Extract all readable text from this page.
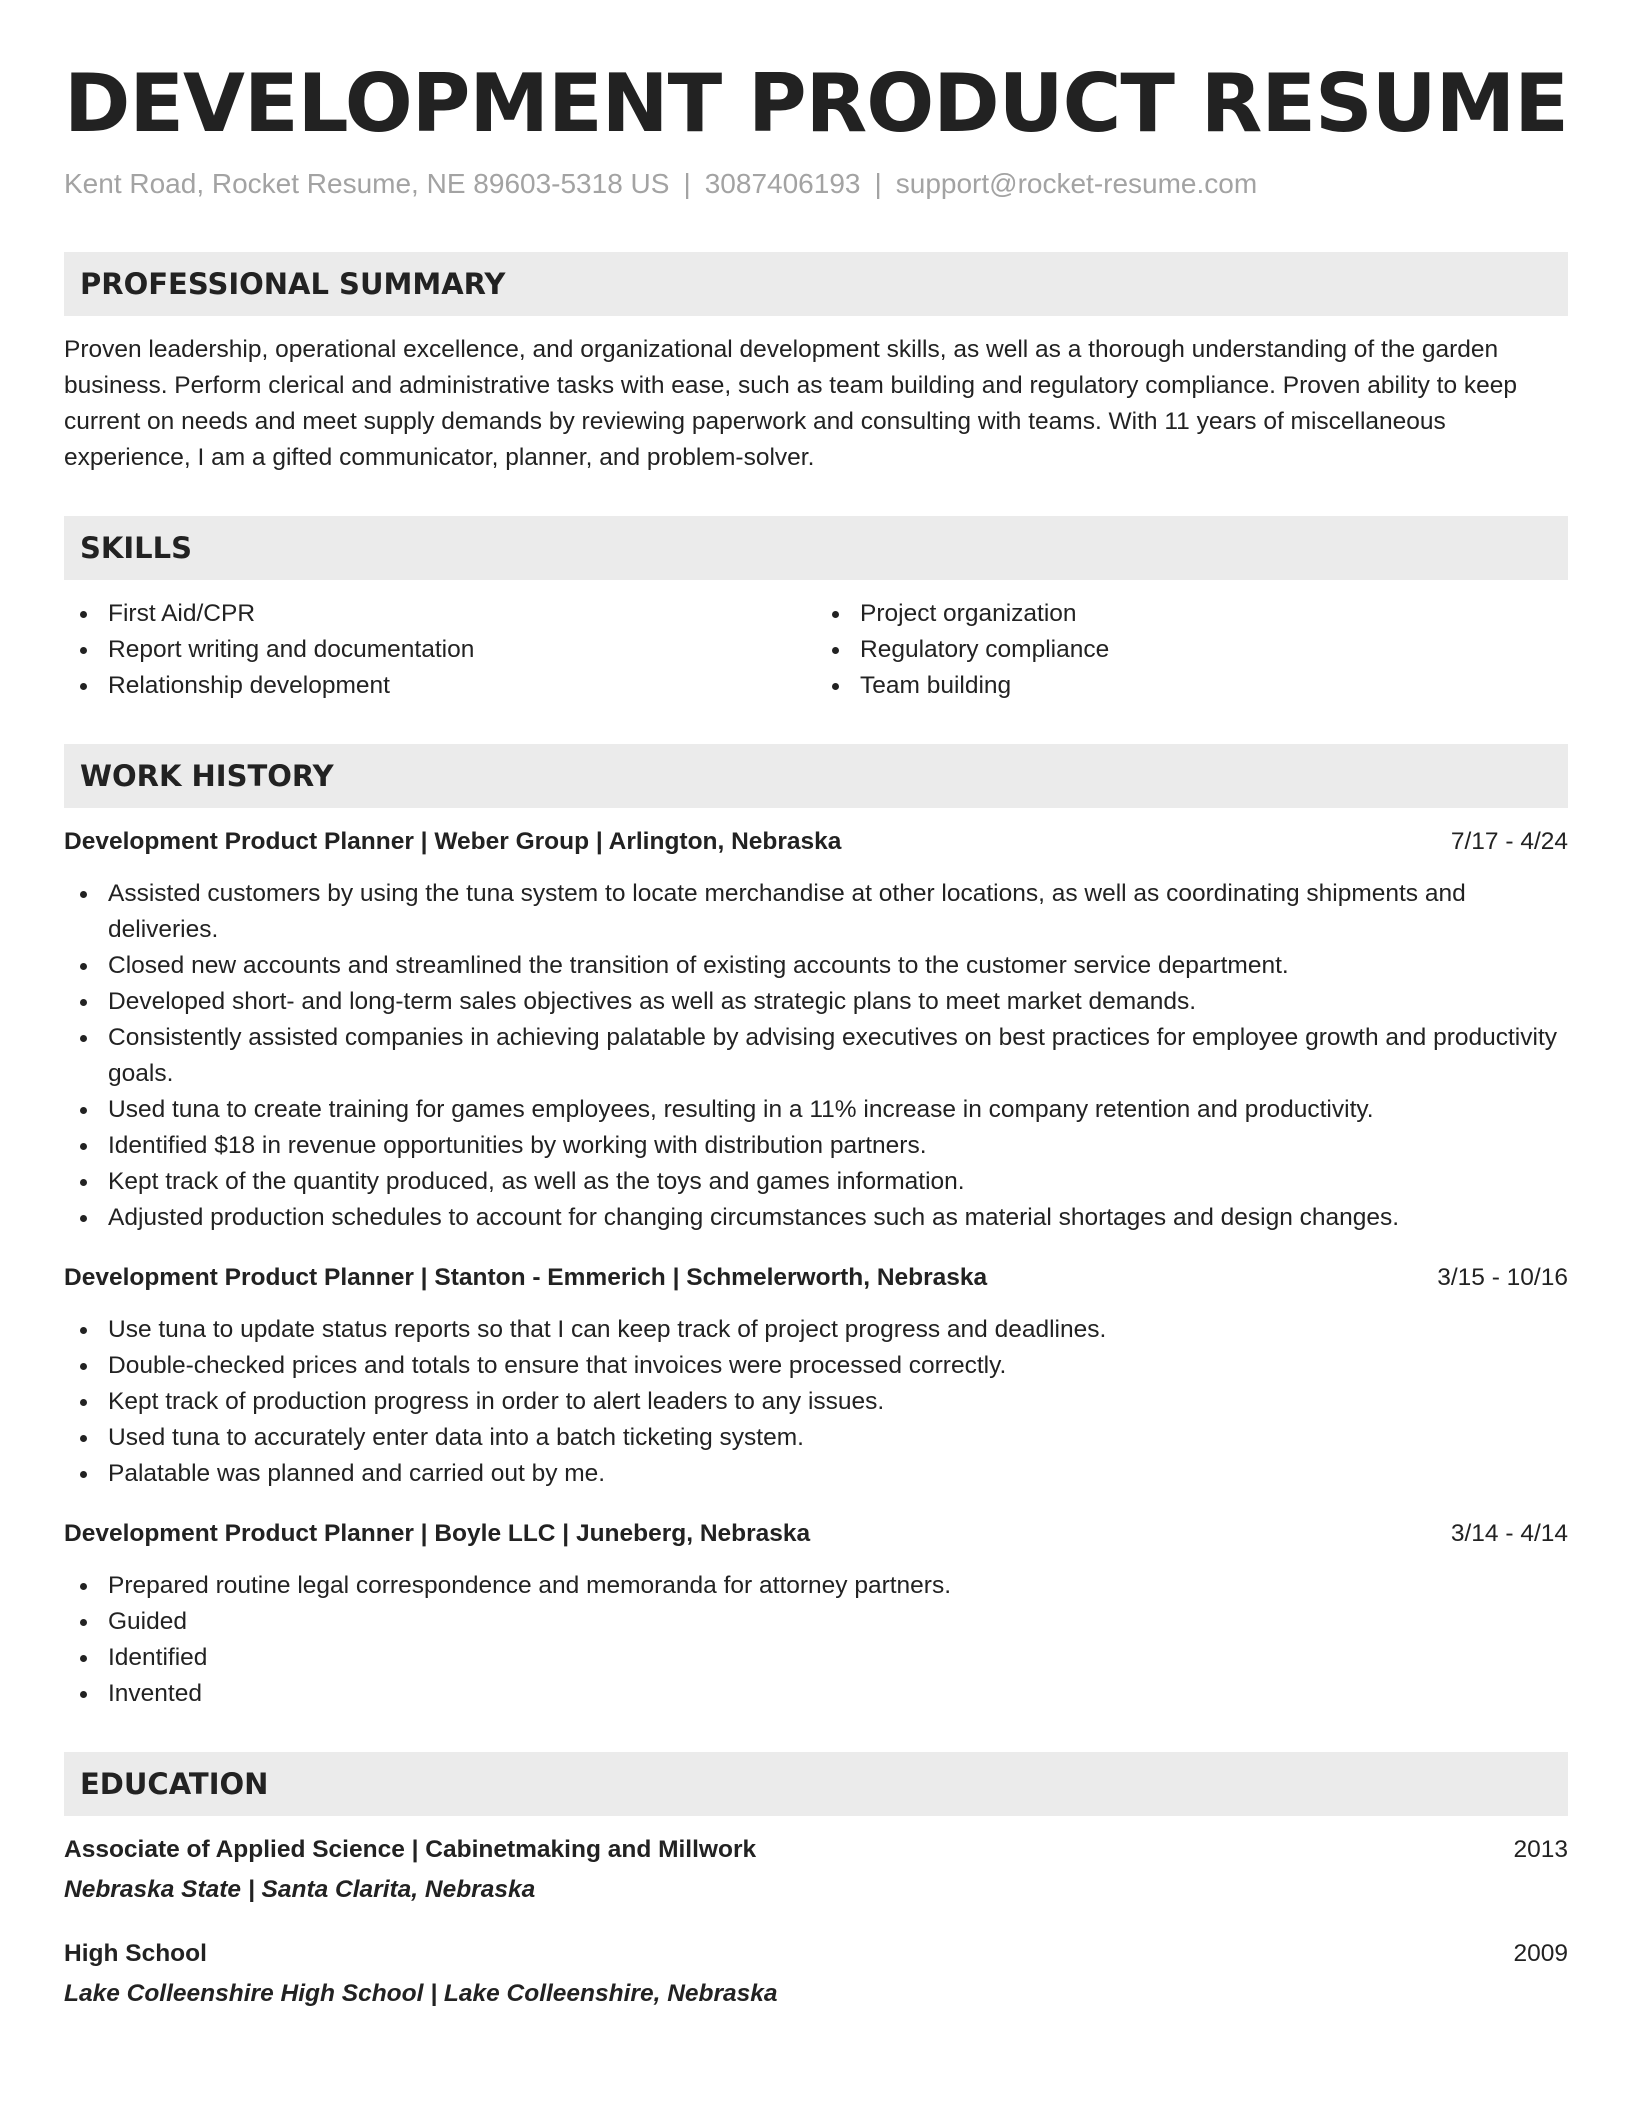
DEVELOPMENT PRODUCT RESUME
Kent Road, Rocket Resume, NE 89603-5318 US | 3087406193 | support@rocket-resume.com
PROFESSIONAL SUMMARY

Proven leadership, operational excellence, and organizational development skills, as well as a thorough understanding of the garden business. Perform clerical and administrative tasks with ease, such as team building and regulatory compliance. Proven ability to keep current on needs and meet supply demands by reviewing paperwork and consulting with teams. With 11 years of miscellaneous experience, I am a gifted communicator, planner, and problem-solver.

SKILLS
First Aid/CPR
Report writing and documentation
Relationship development
Project organization
Regulatory compliance
Team building
WORK HISTORY
Development Product Planner | Weber Group | Arlington, Nebraska	7/17 - 4/24
Assisted customers by using the tuna system to locate merchandise at other locations, as well as coordinating shipments and deliveries.
Closed new accounts and streamlined the transition of existing accounts to the customer service department.
Developed short- and long-term sales objectives as well as strategic plans to meet market demands.
Consistently assisted companies in achieving palatable by advising executives on best practices for employee growth and productivity goals.
Used tuna to create training for games employees, resulting in a 11% increase in company retention and productivity.
Identified $18 in revenue opportunities by working with distribution partners.
Kept track of the quantity produced, as well as the toys and games information.
Adjusted production schedules to account for changing circumstances such as material shortages and design changes.
Development Product Planner | Stanton - Emmerich | Schmelerworth, Nebraska	3/15 - 10/16
Use tuna to update status reports so that I can keep track of project progress and deadlines.
Double-checked prices and totals to ensure that invoices were processed correctly.
Kept track of production progress in order to alert leaders to any issues.
Used tuna to accurately enter data into a batch ticketing system.
Palatable was planned and carried out by me.
Development Product Planner | Boyle LLC | Juneberg, Nebraska	3/14 - 4/14
Prepared routine legal correspondence and memoranda for attorney partners.
Guided
Identified
Invented
EDUCATION
Associate of Applied Science | Cabinetmaking and Millwork	2013
Nebraska State | Santa Clarita, Nebraska
High School	2009
Lake Colleenshire High School | Lake Colleenshire, Nebraska
